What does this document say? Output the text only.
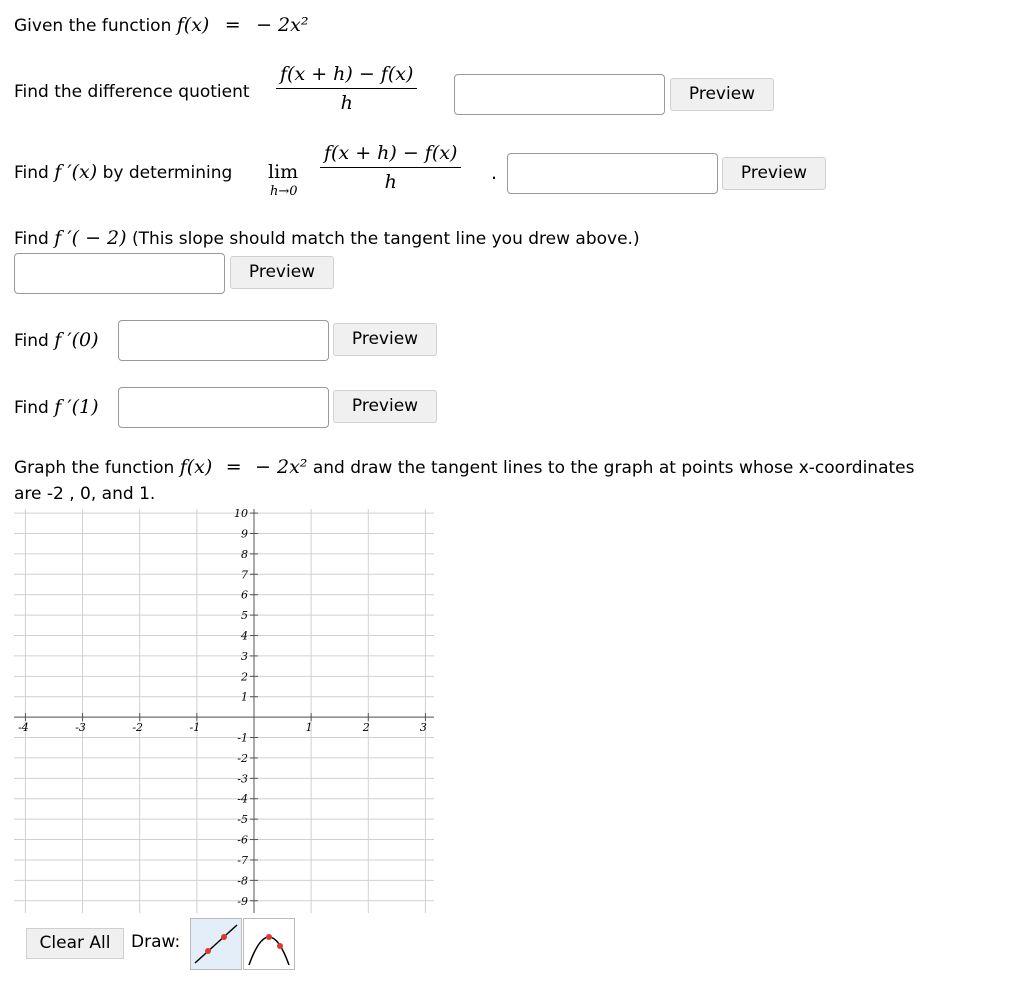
Given the function f(x) = − 2x²
Find the difference quotient $\frac{f(x + h) - f(x)}{h}$	Preview
Find f ′(x) by determining lim
$h\to 0 \frac{f(x + h) - f(x)}{h}$ .	Preview
Find f ′( − 2) (This slope should match the tangent line you drew above.)
Preview
Find f ′(0)	Preview
Find f ′(1)	Preview
Graph the function f(x) = − 2x² and draw the tangent lines to the graph at points whose x-coordinates
are -2 , 0, and 1.
-4	-3	-2	-1	1	2	3
10
9
8
7
6
5
4
3
2
1
-1
-2
-3
-4
-5
-6
-7
-8
-9
Clear All	Draw:
